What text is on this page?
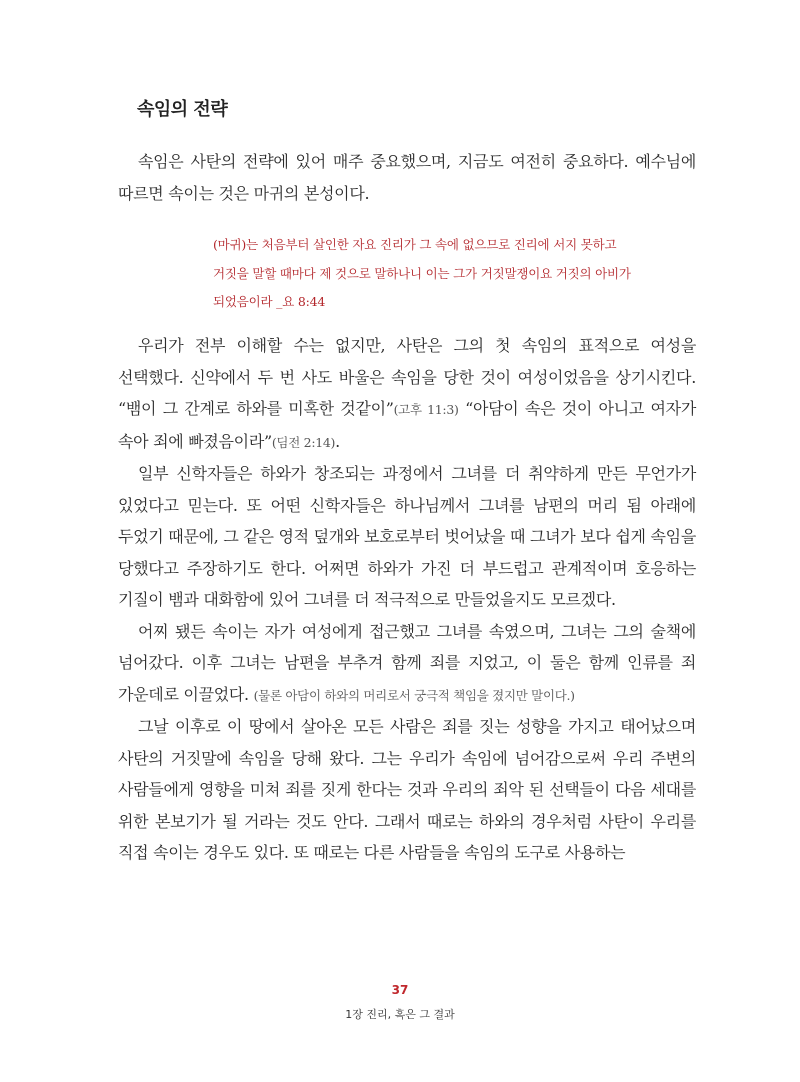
속임의 전략

속임은 사탄의 전략에 있어 매주 중요했으며, 지금도 여전히 중요하다. 예수님에 따르면 속이는 것은 마귀의 본성이다.

(마귀)는 처음부터 살인한 자요 진리가 그 속에 없으므로 진리에 서지 못하고 거짓을 말할 때마다 제 것으로 말하나니 이는 그가 거짓말쟁이요 거짓의 아비가 되었음이라 _요 8:44

우리가 전부 이해할 수는 없지만, 사탄은 그의 첫 속임의 표적으로 여성을 선택했다. 신약에서 두 번 사도 바울은 속임을 당한 것이 여성이었음을 상기시킨다. “뱀이 그 간계로 하와를 미혹한 것같이”(고후 11:3) “아담이 속은 것이 아니고 여자가 속아 죄에 빠졌음이라”(딤전 2:14).

일부 신학자들은 하와가 창조되는 과정에서 그녀를 더 취약하게 만든 무언가가 있었다고 믿는다. 또 어떤 신학자들은 하나님께서 그녀를 남편의 머리 됨 아래에 두었기 때문에, 그 같은 영적 덮개와 보호로부터 벗어났을 때 그녀가 보다 쉽게 속임을 당했다고 주장하기도 한다. 어쩌면 하와가 가진 더 부드럽고 관계적이며 호응하는 기질이 뱀과 대화함에 있어 그녀를 더 적극적으로 만들었을지도 모르겠다.

어찌 됐든 속이는 자가 여성에게 접근했고 그녀를 속였으며, 그녀는 그의 술책에 넘어갔다. 이후 그녀는 남편을 부추겨 함께 죄를 지었고, 이 둘은 함께 인류를 죄 가운데로 이끌었다. (물론 아담이 하와의 머리로서 궁극적 책임을 졌지만 말이다.)

그날 이후로 이 땅에서 살아온 모든 사람은 죄를 짓는 성향을 가지고 태어났으며 사탄의 거짓말에 속임을 당해 왔다. 그는 우리가 속임에 넘어감으로써 우리 주변의 사람들에게 영향을 미쳐 죄를 짓게 한다는 것과 우리의 죄악 된 선택들이 다음 세대를 위한 본보기가 될 거라는 것도 안다. 그래서 때로는 하와의 경우처럼 사탄이 우리를 직접 속이는 경우도 있다. 또 때로는 다른 사람들을 속임의 도구로 사용하는

37
1장 진리, 혹은 그 결과
